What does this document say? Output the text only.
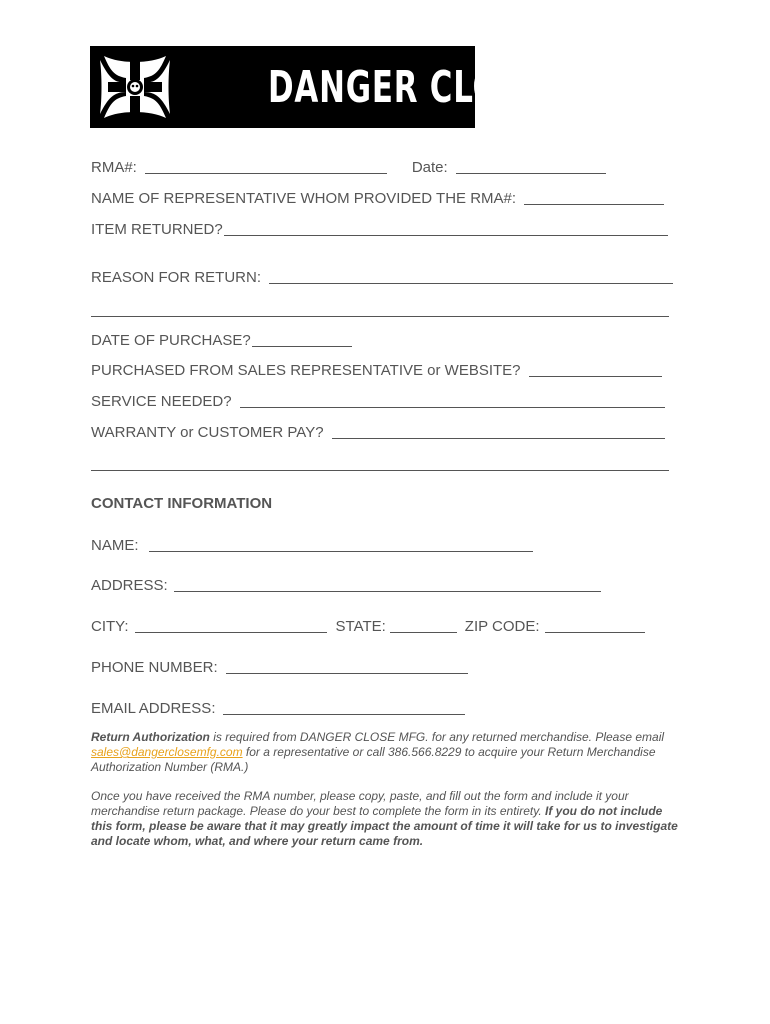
DANGER CLOSE MFG
RMA#:	Date:
NAME OF REPRESENTATIVE WHOM PROVIDED THE RMA#:
ITEM RETURNED?
REASON FOR RETURN:
DATE OF PURCHASE?
PURCHASED FROM SALES REPRESENTATIVE or WEBSITE?
SERVICE NEEDED?
WARRANTY or CUSTOMER PAY?
CONTACT INFORMATION
NAME:
ADDRESS:
CITY:	STATE:	ZIP CODE:
PHONE NUMBER:
EMAIL ADDRESS:
Return Authorization is required from DANGER CLOSE MFG. for any returned merchandise. Please email sales@dangerclosemfg.com for a representative or call 386.566.8229 to acquire your Return Merchandise Authorization Number (RMA.)
Once you have received the RMA number, please copy, paste, and fill out the form and include it your merchandise return package. Please do your best to complete the form in its entirety. If you do not include this form, please be aware that it may greatly impact the amount of time it will take for us to investigate and locate whom, what, and where your return came from.
